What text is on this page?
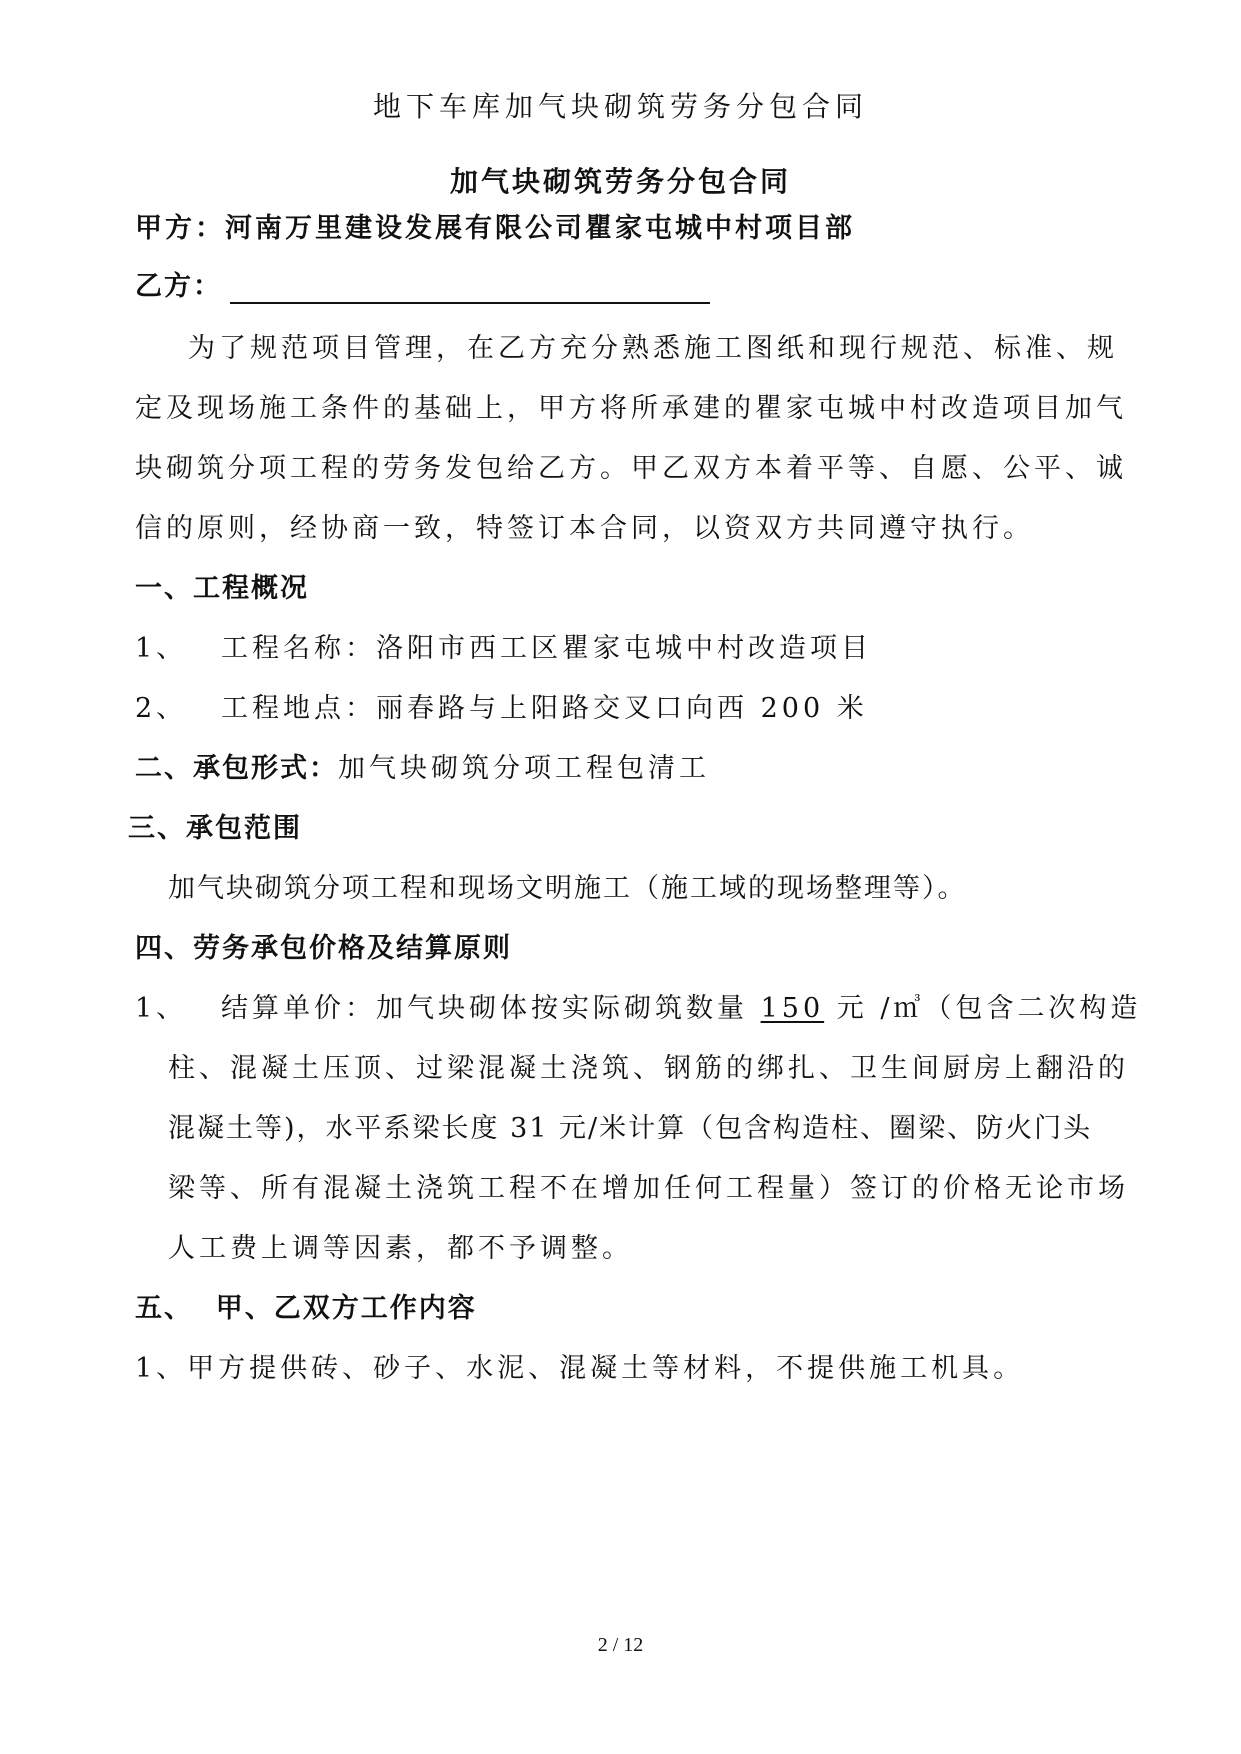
地下车库加气块砌筑劳务分包合同
加气块砌筑劳务分包合同
甲方：河南万里建设发展有限公司瞿家屯城中村项目部
乙方：
为了规范项目管理，在乙方充分熟悉施工图纸和现行规范、标准、规
定及现场施工条件的基础上，甲方将所承建的瞿家屯城中村改造项目加气
块砌筑分项工程的劳务发包给乙方。甲乙双方本着平等、自愿、公平、诚
信的原则，经协商一致，特签订本合同，以资双方共同遵守执行。
一、工程概况
1、 工程名称：洛阳市西工区瞿家屯城中村改造项目
2、 工程地点：丽春路与上阳路交叉口向西 200 米
二、承包形式：加气块砌筑分项工程包清工
三、承包范围
加气块砌筑分项工程和现场文明施工（施工域的现场整理等）。
四、劳务承包价格及结算原则
1、 结算单价：加气块砌体按实际砌筑数量 150 元 /㎥（包含二次构造
柱、混凝土压顶、过梁混凝土浇筑、钢筋的绑扎、卫生间厨房上翻沿的
混凝土等)，水平系梁长度 31 元/米计算（包含构造柱、圈梁、防火门头
梁等、所有混凝土浇筑工程不在增加任何工程量）签订的价格无论市场
人工费上调等因素，都不予调整。
五、  甲、乙双方工作内容
1、甲方提供砖、砂子、水泥、混凝土等材料，不提供施工机具。
2 / 12
